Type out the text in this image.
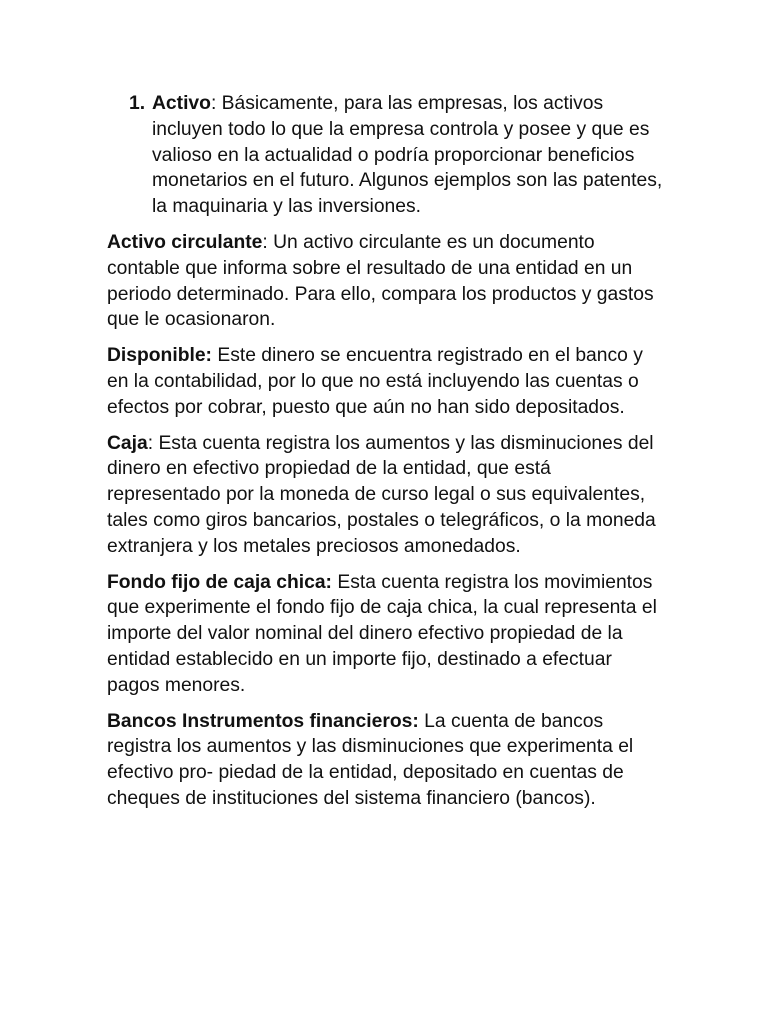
1. Activo: Básicamente, para las empresas, los activos incluyen todo lo que la empresa controla y posee y que es valioso en la actualidad o podría proporcionar beneficios monetarios en el futuro. Algunos ejemplos son las patentes, la maquinaria y las inversiones.

Activo circulante: Un activo circulante es un documento contable que informa sobre el resultado de una entidad en un periodo determinado. Para ello, compara los productos y gastos que le ocasionaron.

Disponible: Este dinero se encuentra registrado en el banco y en la contabilidad, por lo que no está incluyendo las cuentas o efectos por cobrar, puesto que aún no han sido depositados.

Caja: Esta cuenta registra los aumentos y las disminuciones del dinero en efectivo propiedad de la entidad, que está representado por la moneda de curso legal o sus equivalentes, tales como giros bancarios, postales o telegráficos, o la moneda extranjera y los metales preciosos amonedados.

Fondo fijo de caja chica: Esta cuenta registra los movimientos que experimente el fondo fijo de caja chica, la cual representa el importe del valor nominal del dinero efectivo propiedad de la entidad establecido en un importe fijo, destinado a efectuar pagos menores.

Bancos Instrumentos financieros: La cuenta de bancos registra los aumentos y las disminuciones que experimenta el efectivo pro- piedad de la entidad, depositado en cuentas de cheques de instituciones del sistema financiero (bancos).
